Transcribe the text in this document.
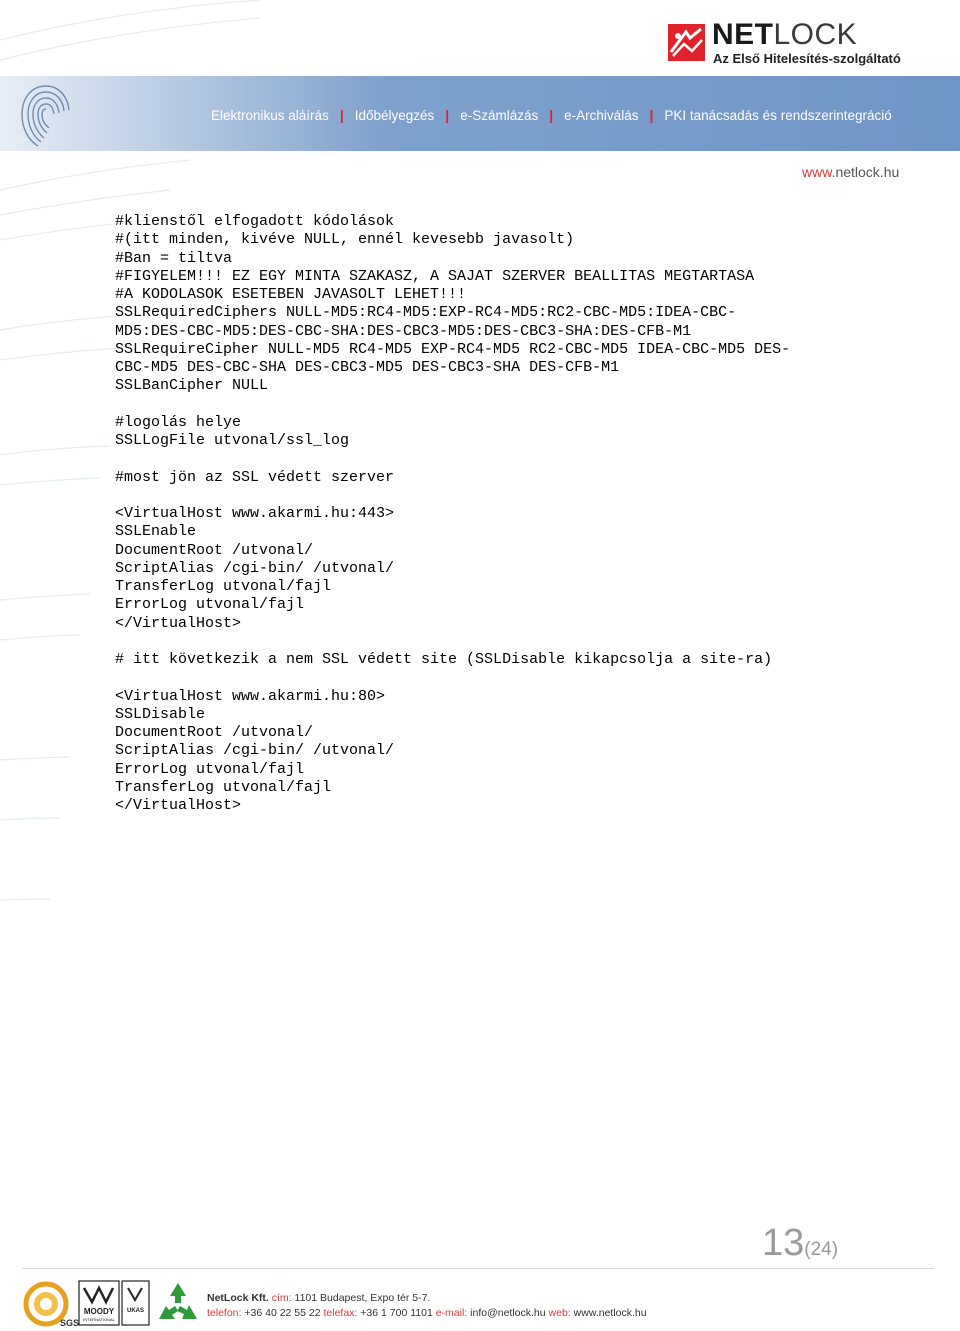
NETLOCK
Az Első Hitelesítés-szolgáltató
Elektronikus aláírás | Időbélyegzés | e-Számlázás | e-Archiválás | PKI tanácsadás és rendszerintegráció
www.netlock.hu
#klienstől elfogadott kódolások
#(itt minden, kivéve NULL, ennél kevesebb javasolt)
#Ban = tiltva
#FIGYELEM!!! EZ EGY MINTA SZAKASZ, A SAJAT SZERVER BEALLITAS MEGTARTASA
#A KODOLASOK ESETEBEN JAVASOLT LEHET!!!
SSLRequiredCiphers NULL-MD5:RC4-MD5:EXP-RC4-MD5:RC2-CBC-MD5:IDEA-CBC-
MD5:DES-CBC-MD5:DES-CBC-SHA:DES-CBC3-MD5:DES-CBC3-SHA:DES-CFB-M1
SSLRequireCipher NULL-MD5 RC4-MD5 EXP-RC4-MD5 RC2-CBC-MD5 IDEA-CBC-MD5 DES-
CBC-MD5 DES-CBC-SHA DES-CBC3-MD5 DES-CBC3-SHA DES-CFB-M1
SSLBanCipher NULL
#logolás helye
SSLLogFile utvonal/ssl_log
#most jön az SSL védett szerver
<VirtualHost www.akarmi.hu:443>
SSLEnable
DocumentRoot /utvonal/
ScriptAlias /cgi-bin/ /utvonal/
TransferLog utvonal/fajl
ErrorLog utvonal/fajl
</VirtualHost>
# itt következik a nem SSL védett site (SSLDisable kikapcsolja a site-ra)
<VirtualHost www.akarmi.hu:80>
SSLDisable
DocumentRoot /utvonal/
ScriptAlias /cgi-bin/ /utvonal/
ErrorLog utvonal/fajl
TransferLog utvonal/fajl
</VirtualHost>
13(24)
SGS
MOODY
INTERNATIONAL
UKAS
NetLock Kft. cím: 1101 Budapest, Expo tér 5-7.
telefon: +36 40 22 55 22 telefax: +36 1 700 1101 e-mail: info@netlock.hu web: www.netlock.hu
